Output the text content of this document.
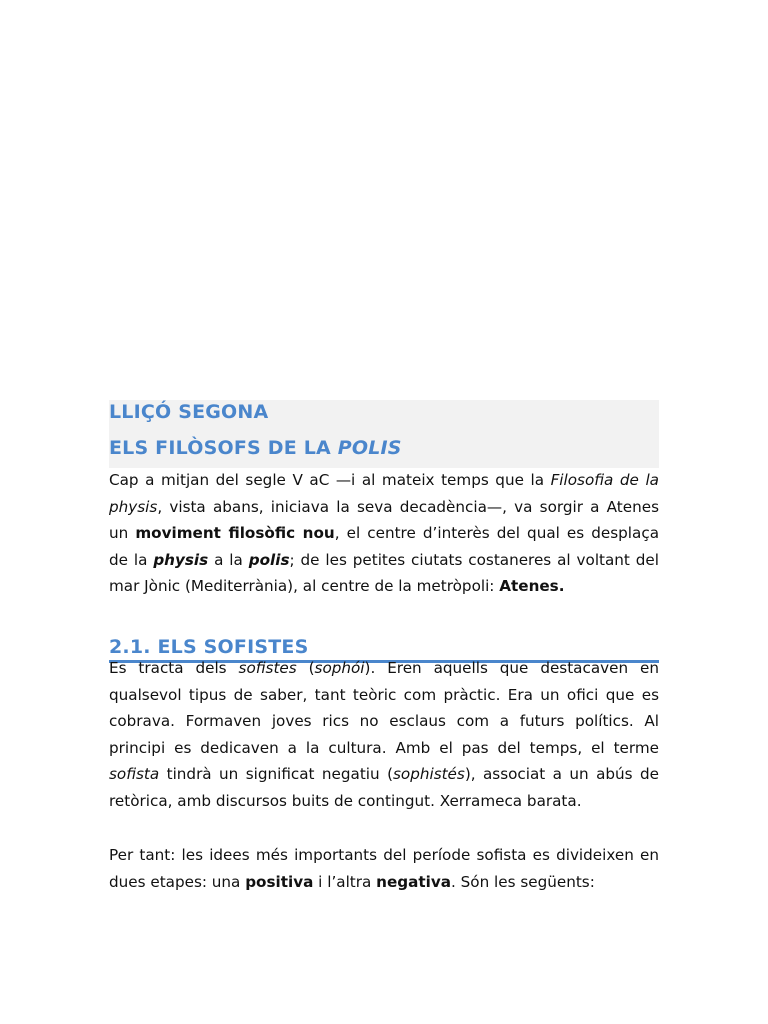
LLIÇÓ SEGONA
ELS FILÒSOFS DE LA POLIS

Cap a mitjan del segle V aC —i al mateix temps que la Filosofia de la physis, vista abans, iniciava la seva decadència—, va sorgir a Atenes un moviment filosòfic nou, el centre d’interès del qual es desplaça de la physis a la polis; de les petites ciutats costaneres al voltant del mar Jònic (Mediterrània), al centre de la metròpoli: Atenes.

2.1. ELS SOFISTES

Es tracta dels sofistes (sophói). Eren aquells que destacaven en qualsevol tipus de saber, tant teòric com pràctic. Era un ofici que es cobrava. Formaven joves rics no esclaus com a futurs polítics. Al principi es dedicaven a la cultura. Amb el pas del temps, el terme sofista tindrà un significat negatiu (sophistés), associat a un abús de retòrica, amb discursos buits de contingut. Xerrameca barata.

Per tant: les idees més importants del període sofista es divideixen en dues etapes: una positiva i l’altra negativa. Són les següents:
